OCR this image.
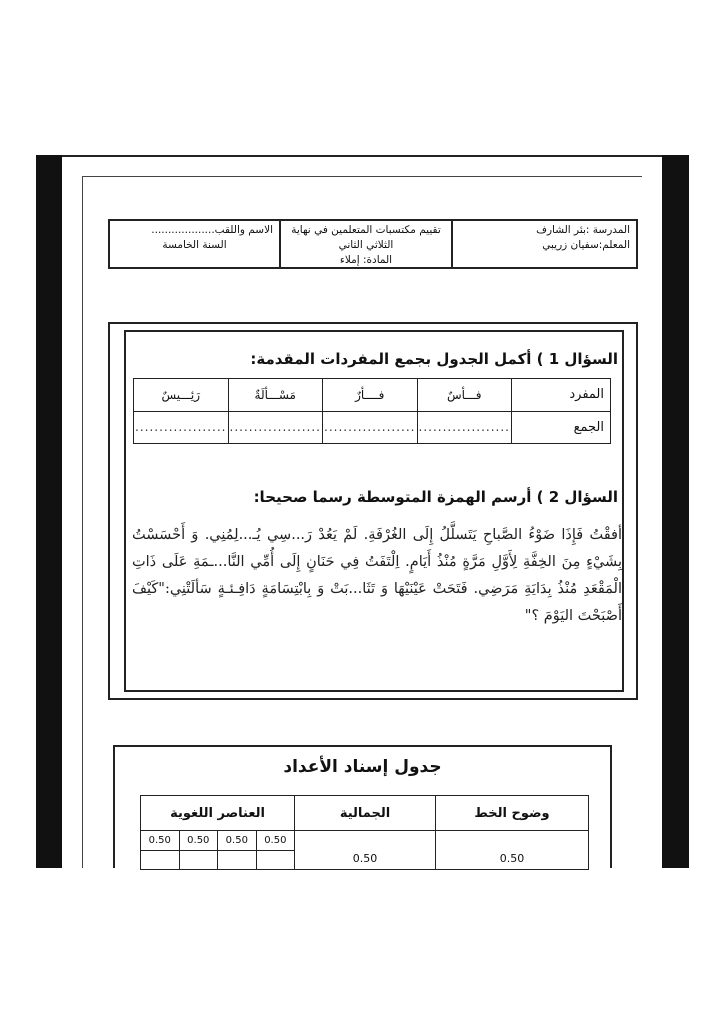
المدرسة :بئر الشارف
المعلم:سفيان زريبي
تقييم مكتسبات المتعلمين في نهاية
الثلاثي الثاني
المادة: إملاء
الاسم واللقب...................
السنة الخامسة
السؤال 1 ) أكمل الجدول بجمع المفردات المقدمة:
المفرد	فـــأسٌ	فــــأرٌ	مَسْـــألَةٌ	رَئِـــيسٌ
الجمع	...................	...................	...................	...................
السؤال 2 ) أرسم الهمزة المتوسطة رسما صحيحا:
أفقْتُ فَإِذَا ضَوْءُ الصَّباحِ يَتَسلَّلُ إِلَى الغُرْفَةِ. لَمْ يَعُدْ رَ...سِي يُـ...لِمُنِي. وَ أَحْسَسْتُ بِشَيْءٍ مِنَ الخِفَّةِ لِأَوَّلِ مَرَّةٍ مُنْذُ أَيَامٍ. اِلْتَفَتُ فِي حَنَانٍ إِلَى أُمِّي النَّا...ـمَةِ عَلَى ذَاتِ الْمَقْعَدِ مُنْذُ بِدَايَةِ مَرَضِي. فَتَحَتْ عَيْنَيْهَا وَ تَثَا...بَتْ وَ بِابْتِسَامَةٍ دَافِـئـةٍ سَألَتْنِي:"كَيْفَ أَصْبَحْتَ اليَوْمَ ؟"
جدول إسناد الأعداد
وضوح الخط	الجمالية	العناصر اللغوية			
0.50	0.50	0.50	0.50	0.50	0.50
